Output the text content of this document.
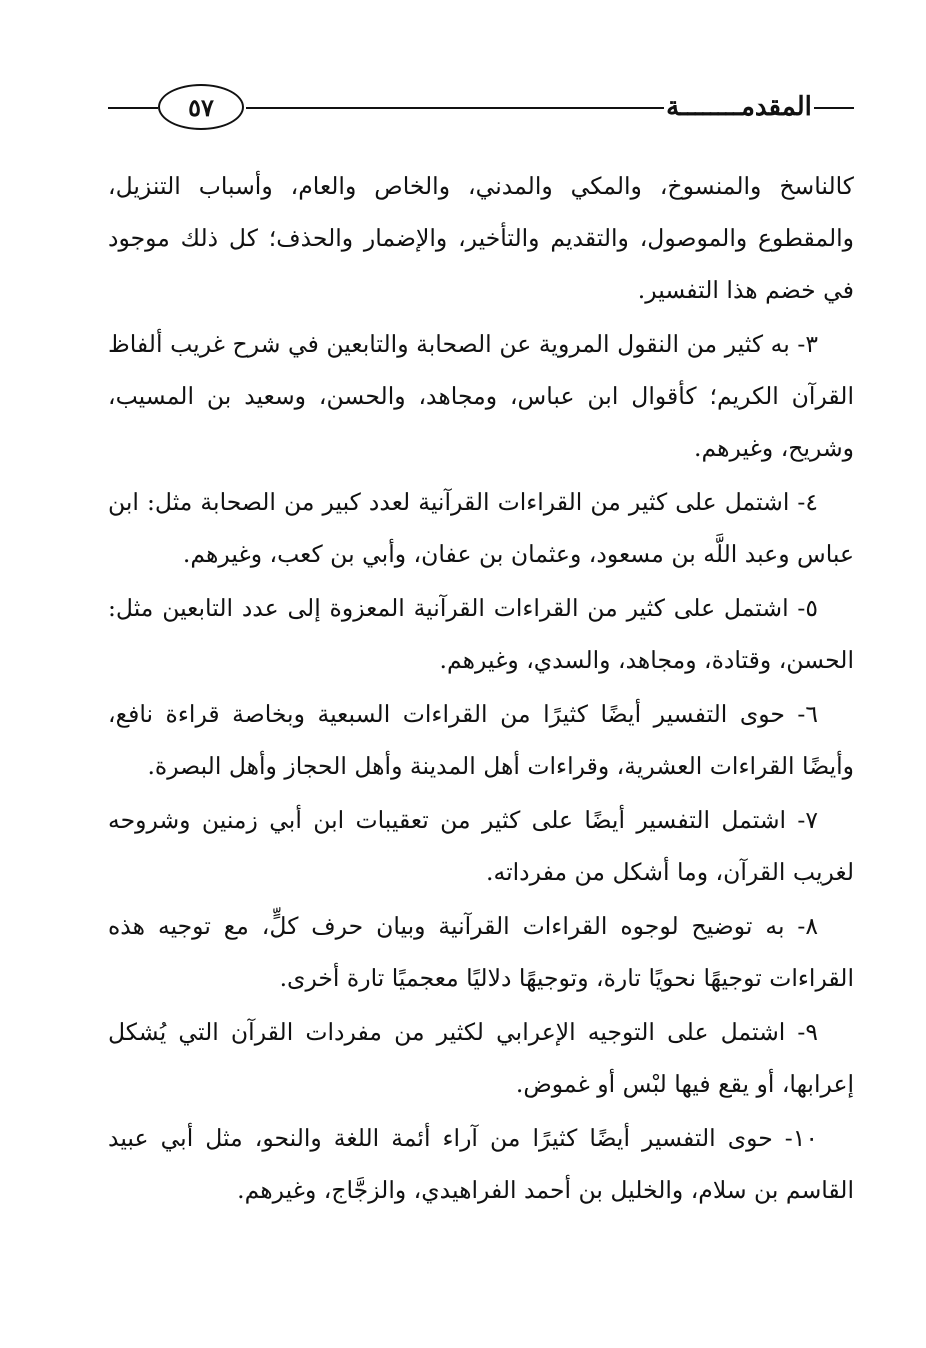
٥٧	المقدمــــــــة

كالناسخ والمنسوخ، والمكي والمدني، والخاص والعام، وأسباب التنزيل، والمقطوع والموصول، والتقديم والتأخير، والإضمار والحذف؛ كل ذلك موجود في خضم هذا التفسير.

٣- به كثير من النقول المروية عن الصحابة والتابعين في شرح غريب ألفاظ القرآن الكريم؛ كأقوال ابن عباس، ومجاهد، والحسن، وسعيد بن المسيب، وشريح، وغيرهم.

٤- اشتمل على كثير من القراءات القرآنية لعدد كبير من الصحابة مثل: ابن عباس وعبد اللَّه بن مسعود، وعثمان بن عفان، وأبي بن كعب، وغيرهم.

٥- اشتمل على كثير من القراءات القرآنية المعزوة إلى عدد التابعين مثل: الحسن، وقتادة، ومجاهد، والسدي، وغيرهم.

٦- حوى التفسير أيضًا كثيرًا من القراءات السبعية وبخاصة قراءة نافع، وأيضًا القراءات العشرية، وقراءات أهل المدينة وأهل الحجاز وأهل البصرة.

٧- اشتمل التفسير أيضًا على كثير من تعقيبات ابن أبي زمنين وشروحه لغريب القرآن، وما أشكل من مفرداته.

٨- به توضيح لوجوه القراءات القرآنية وبيان حرف كلٍّ، مع توجيه هذه القراءات توجيهًا نحويًا تارة، وتوجيهًا دلاليًا معجميًا تارة أخرى.

٩- اشتمل على التوجيه الإعرابي لكثير من مفردات القرآن التي يُشكل إعرابها، أو يقع فيها لبْس أو غموض.

١٠- حوى التفسير أيضًا كثيرًا من آراء أئمة اللغة والنحو، مثل أبي عبيد القاسم بن سلام، والخليل بن أحمد الفراهيدي، والزجَّاج، وغيرهم.
